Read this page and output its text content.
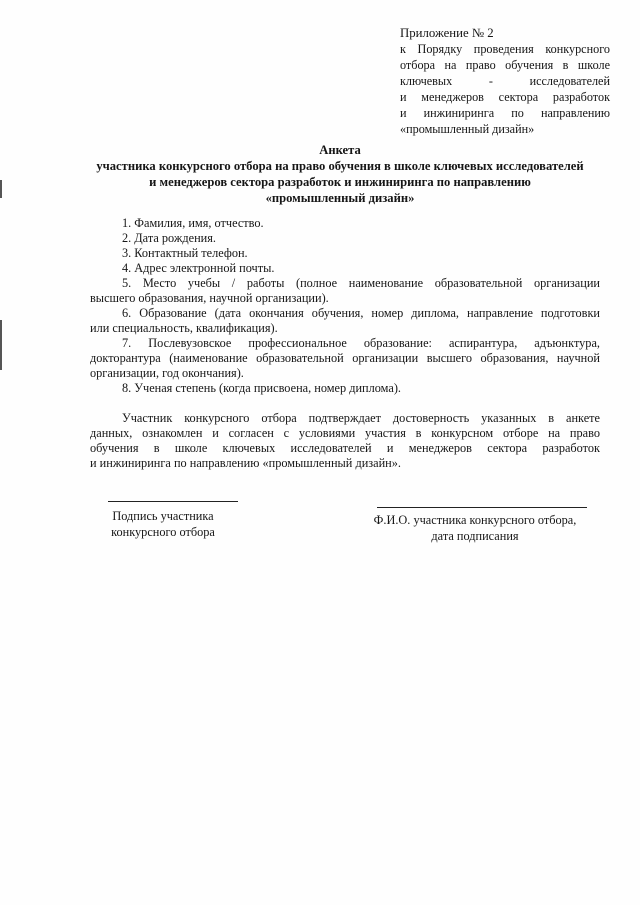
Приложение № 2
к Порядку проведения конкурсного
отбора на право обучения в школе
ключевых - исследователей
и менеджеров сектора разработок
и инжиниринга по направлению
«промышленный дизайн»
Анкета
участника конкурсного отбора на право обучения в школе ключевых исследователей
и менеджеров сектора разработок и инжиниринга по направлению
«промышленный дизайн»
1. Фамилия, имя, отчество.
2. Дата рождения.
3. Контактный телефон.
4. Адрес электронной почты.
5. Место учебы / работы (полное наименование образовательной организации
высшего образования, научной организации).
6. Образование (дата окончания обучения, номер диплома, направление подготовки
или специальность, квалификация).
7. Послевузовское профессиональное образование: аспирантура, адъюнктура,
докторантура (наименование образовательной организации высшего образования, научной
организации, год окончания).
8. Ученая степень (когда присвоена, номер диплома).
Участник конкурсного отбора подтверждает достоверность указанных в анкете
данных, ознакомлен и согласен с условиями участия в конкурсном отборе на право
обучения в школе ключевых исследователей и менеджеров сектора разработок
и инжиниринга по направлению «промышленный дизайн».
Подпись участника
конкурсного отбора
Ф.И.О. участника конкурсного отбора,
дата подписания
